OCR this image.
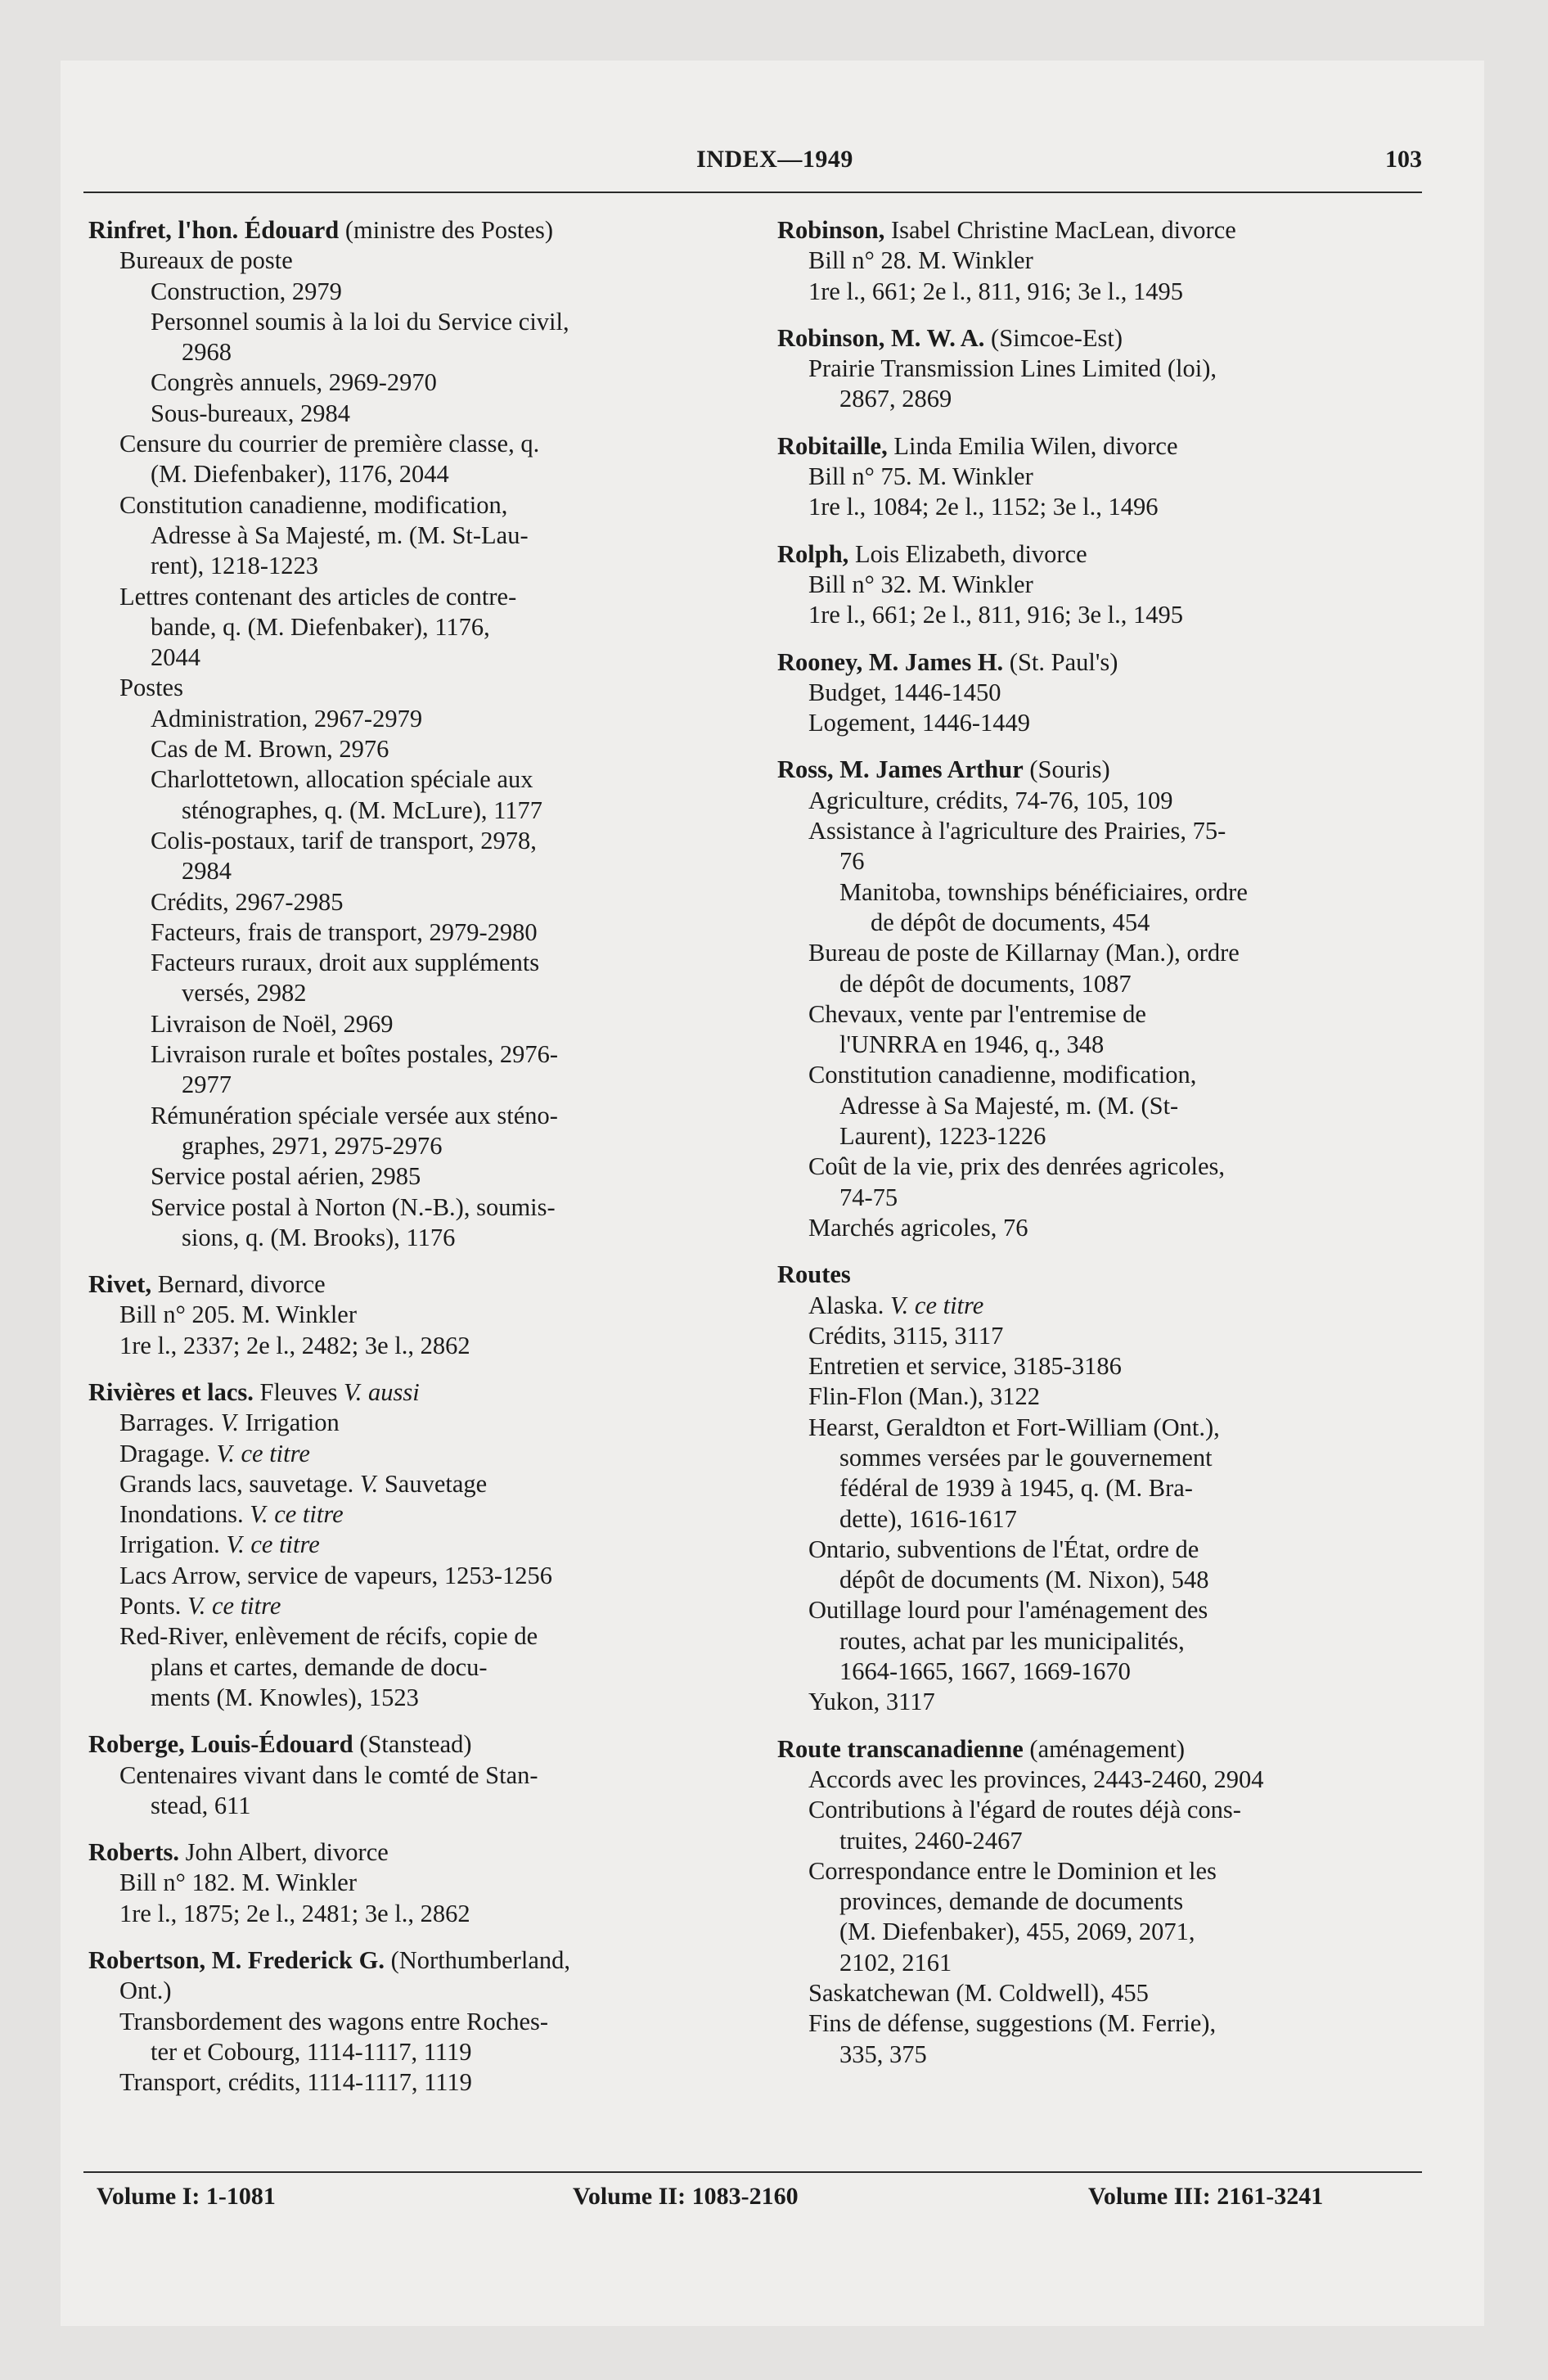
INDEX—1949	103
Rinfret, l'hon. Édouard (ministre des Postes)
Bureaux de poste
Construction, 2979
Personnel soumis à la loi du Service civil,
2968
Congrès annuels, 2969-2970
Sous-bureaux, 2984
Censure du courrier de première classe, q.
(M. Diefenbaker), 1176, 2044
Constitution canadienne, modification,
Adresse à Sa Majesté, m. (M. St-Lau-
rent), 1218-1223
Lettres contenant des articles de contre-
bande, q. (M. Diefenbaker), 1176,
2044
Postes
Administration, 2967-2979
Cas de M. Brown, 2976
Charlottetown, allocation spéciale aux
sténographes, q. (M. McLure), 1177
Colis-postaux, tarif de transport, 2978,
2984
Crédits, 2967-2985
Facteurs, frais de transport, 2979-2980
Facteurs ruraux, droit aux suppléments
versés, 2982
Livraison de Noël, 2969
Livraison rurale et boîtes postales, 2976-
2977
Rémunération spéciale versée aux sténo-
graphes, 2971, 2975-2976
Service postal aérien, 2985
Service postal à Norton (N.-B.), soumis-
sions, q. (M. Brooks), 1176
Rivet, Bernard, divorce
Bill n° 205. M. Winkler
1re l., 2337; 2e l., 2482; 3e l., 2862
Rivières et lacs. Fleuves V. aussi
Barrages. V. Irrigation
Dragage. V. ce titre
Grands lacs, sauvetage. V. Sauvetage
Inondations. V. ce titre
Irrigation. V. ce titre
Lacs Arrow, service de vapeurs, 1253-1256
Ponts. V. ce titre
Red-River, enlèvement de récifs, copie de
plans et cartes, demande de docu-
ments (M. Knowles), 1523
Roberge, Louis-Édouard (Stanstead)
Centenaires vivant dans le comté de Stan-
stead, 611
Roberts. John Albert, divorce
Bill n° 182. M. Winkler
1re l., 1875; 2e l., 2481; 3e l., 2862
Robertson, M. Frederick G. (Northumberland,
Ont.)
Transbordement des wagons entre Roches-
ter et Cobourg, 1114-1117, 1119
Transport, crédits, 1114-1117, 1119
Robinson, Isabel Christine MacLean, divorce
Bill n° 28. M. Winkler
1re l., 661; 2e l., 811, 916; 3e l., 1495
Robinson, M. W. A. (Simcoe-Est)
Prairie Transmission Lines Limited (loi),
2867, 2869
Robitaille, Linda Emilia Wilen, divorce
Bill n° 75. M. Winkler
1re l., 1084; 2e l., 1152; 3e l., 1496
Rolph, Lois Elizabeth, divorce
Bill n° 32. M. Winkler
1re l., 661; 2e l., 811, 916; 3e l., 1495
Rooney, M. James H. (St. Paul's)
Budget, 1446-1450
Logement, 1446-1449
Ross, M. James Arthur (Souris)
Agriculture, crédits, 74-76, 105, 109
Assistance à l'agriculture des Prairies, 75-
76
Manitoba, townships bénéficiaires, ordre
de dépôt de documents, 454
Bureau de poste de Killarnay (Man.), ordre
de dépôt de documents, 1087
Chevaux, vente par l'entremise de
l'UNRRA en 1946, q., 348
Constitution canadienne, modification,
Adresse à Sa Majesté, m. (M. (St-
Laurent), 1223-1226
Coût de la vie, prix des denrées agricoles,
74-75
Marchés agricoles, 76
Routes
Alaska. V. ce titre
Crédits, 3115, 3117
Entretien et service, 3185-3186
Flin-Flon (Man.), 3122
Hearst, Geraldton et Fort-William (Ont.),
sommes versées par le gouvernement
fédéral de 1939 à 1945, q. (M. Bra-
dette), 1616-1617
Ontario, subventions de l'État, ordre de
dépôt de documents (M. Nixon), 548
Outillage lourd pour l'aménagement des
routes, achat par les municipalités,
1664-1665, 1667, 1669-1670
Yukon, 3117
Route transcanadienne (aménagement)
Accords avec les provinces, 2443-2460, 2904
Contributions à l'égard de routes déjà cons-
truites, 2460-2467
Correspondance entre le Dominion et les
provinces, demande de documents
(M. Diefenbaker), 455, 2069, 2071,
2102, 2161
Saskatchewan (M. Coldwell), 455
Fins de défense, suggestions (M. Ferrie),
335, 375
Volume I: 1-1081	Volume II: 1083-2160	Volume III: 2161-3241
